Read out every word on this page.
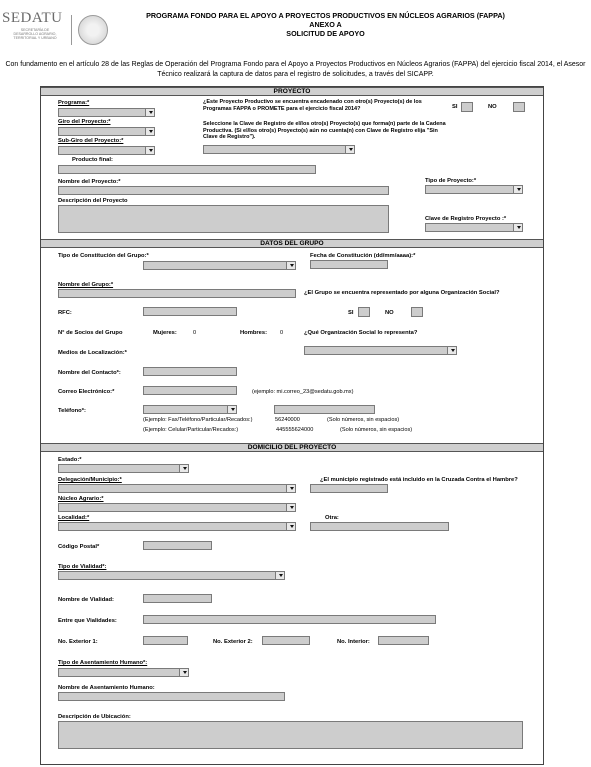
SEDATU
SECRETARÍA DE
DESARROLLO AGRARIO,
TERRITORIAL Y URBANO
PROGRAMA FONDO PARA EL APOYO A PROYECTOS PRODUCTIVOS EN NÚCLEOS AGRARIOS (FAPPA)
ANEXO A
SOLICITUD DE APOYO
Con fundamento en el artículo 28 de las Reglas de Operación del Programa Fondo para el Apoyo a Proyectos Productivos en Núcleos Agrarios (FAPPA) del ejercicio fiscal 2014, el Asesor Técnico realizará la captura de datos para el registro de solicitudes, a través del SICAPP.
PROYECTO
Programa:*
Giro del Proyecto:*
Sub-Giro del Proyecto:*
Producto final:
Nombre del Proyecto:*
Descripción del Proyecto
¿Este Proyecto Productivo se encuentra encadenado con otro(s) Proyecto(s) de los Programas FAPPA o PROMETE para el ejercicio fiscal 2014?	SI	NO
Seleccione la Clave de Registro de el/los otro(s) Proyecto(s) que forma(n) parte de la Cadena Productiva. (Si el/los otro(s) Proyecto(s) aún no cuenta(n) con Clave de Registro elija "Sin Clave de Registro").
Tipo de Proyecto:*
Clave de Registro Proyecto :*
DATOS DEL GRUPO
Tipo de Constitución del Grupo:*	Fecha de Constitución (dd/mm/aaaa):*
Nombre del Grupo:*
¿El Grupo se encuentra representado por alguna Organización Social?
RFC:	SI	NO
N° de Socios del Grupo	Mujeres:	0	Hombres: 0	¿Qué Organización Social lo representa?
Medios de Localización:*
Nombre del Contacto*:
Correo Electrónico:*	(ejemplo: mi.correo_23@sedatu.gob.mx)
Teléfono*:
(Ejemplo: Fax/Teléfono/Particular/Recados:)	56240000	(Solo números, sin espacios)
(Ejemplo: Celular/Particular/Recados:)	445555624000	(Solo números, sin espacios)
DOMICILIO DEL PROYECTO
Estado:*
Delegación/Municipio:*	¿El municipio registrado está incluido en la Cruzada Contra el Hambre?
Núcleo Agrario:*
Localidad:*	Otra:
Código Postal*
Tipo de Vialidad*:
Nombre de Vialidad:
Entre que Vialidades:
No. Exterior 1:	No. Exterior 2:	No. Interior:
Tipo de Asentamiento Humano*:
Nombre de Asentamiento Humano:
Descripción de Ubicación:
